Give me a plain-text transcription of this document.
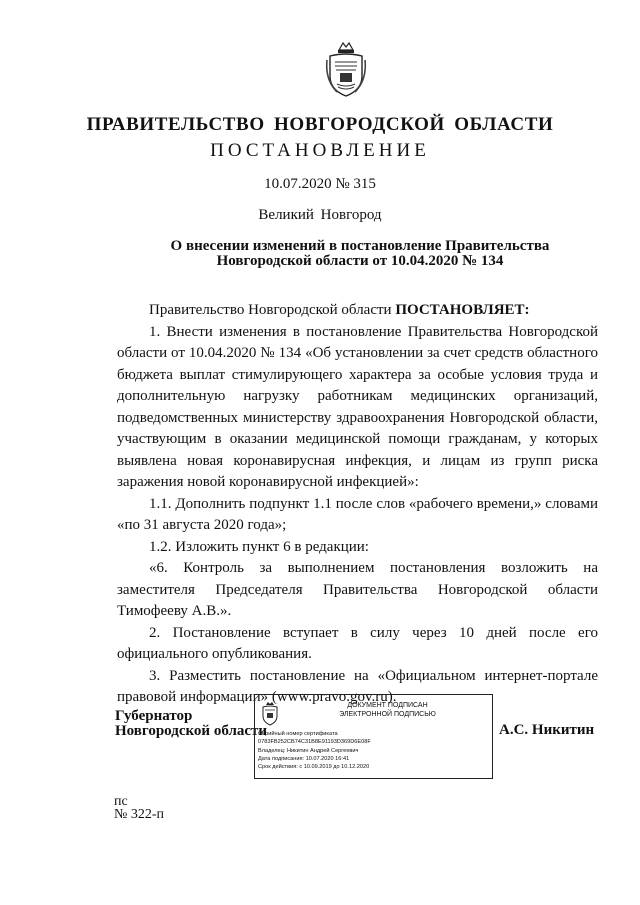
ПРАВИТЕЛЬСТВО НОВГОРОДСКОЙ ОБЛАСТИ
ПОСТАНОВЛЕНИЕ
10.07.2020 № 315
Великий Новгород
О внесении изменений в постановление Правительства
Новгородской области от 10.04.2020 № 134

Правительство Новгородской области ПОСТАНОВЛЯЕТ:

1. Внести изменения в постановление Правительства Новгородской области от 10.04.2020 № 134 «Об установлении за счет средств областного бюджета выплат стимулирующего характера за особые условия труда и дополнительную нагрузку работникам медицинских организаций, подведомственных министерству здравоохранения Новгородской области, участвующим в оказании медицинской помощи гражданам, у которых выявлена новая коронавирусная инфекция, и лицам из групп риска заражения новой коронавирусной инфекцией»:

1.1. Дополнить подпункт 1.1 после слов «рабочего времени,» словами «по 31 августа 2020 года»;

1.2. Изложить пункт 6 в редакции:

«6. Контроль за выполнением постановления возложить на заместителя Председателя Правительства Новгородской области Тимофееву А.В.».

2. Постановление вступает в силу через 10 дней после его официального опубликования.

3. Разместить постановление на «Официальном интернет-портале правовой информации» (www.pravo.gov.ru).

Губернатор
Новгородской области
ДОКУМЕНТ ПОДПИСАН
ЭЛЕКТРОННОЙ ПОДПИСЬЮ
Серийный номер сертификата
0783FB252CB74C31B8E91193D369D6E08F
Владелец: Никитин Андрей Сергеевич
Дата подписания: 10.07.2020 16:41
Срок действия: с 10.09.2019 до 10.12.2020
А.С. Никитин
пс
№ 322-п
